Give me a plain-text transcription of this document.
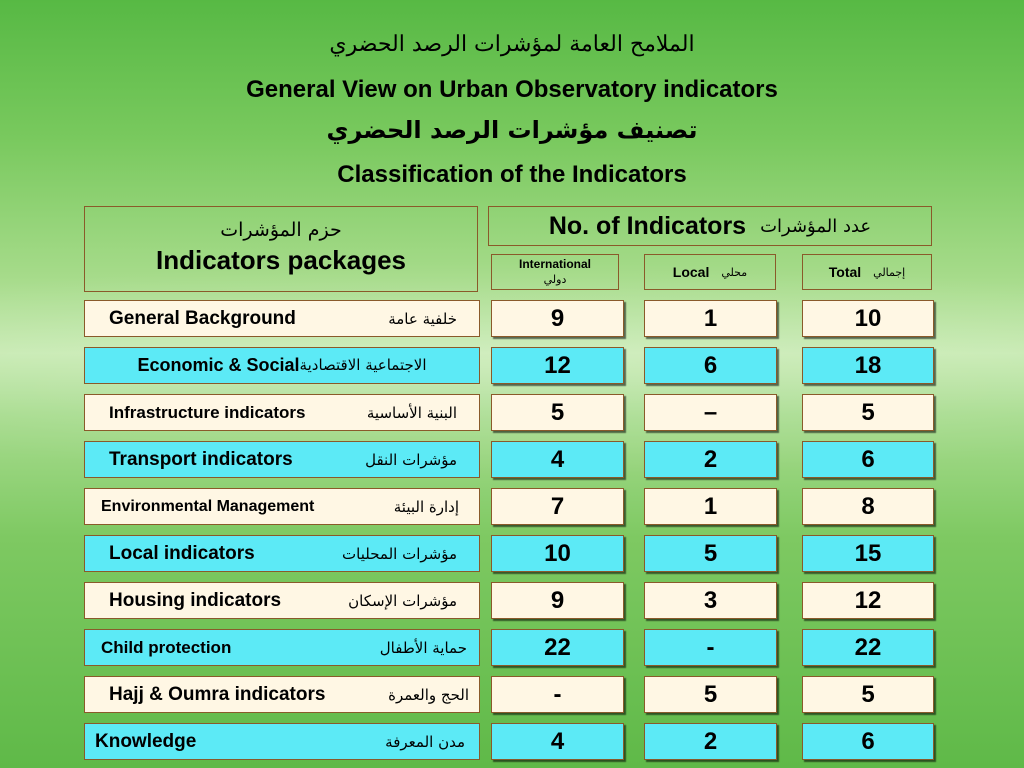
الملامح العامة لمؤشرات الرصد الحضري
General View on Urban Observatory indicators
تصنيف مؤشرات الرصد الحضري
Classification of the Indicators
حزم المؤشرات
Indicators packages
No. of Indicators عدد المؤشرات
International
دولي	Local محلي	Total إجمالي
General Background	خلفية عامة	9	1	10
Economic & Social الاجتماعية الاقتصادية	12	6	18
Infrastructure indicators	البنية الأساسية	5	–	5
Transport indicators	مؤشرات النقل	4	2	6
Environmental Management	إدارة البيئة	7	1	8
Local indicators	مؤشرات المحليات	10	5	15
Housing indicators	مؤشرات الإسكان	9	3	12
Child protection	حماية الأطفال	22	-	22
Hajj & Oumra indicators	الحج والعمرة	-	5	5
Knowledge	مدن المعرفة	4	2	6
